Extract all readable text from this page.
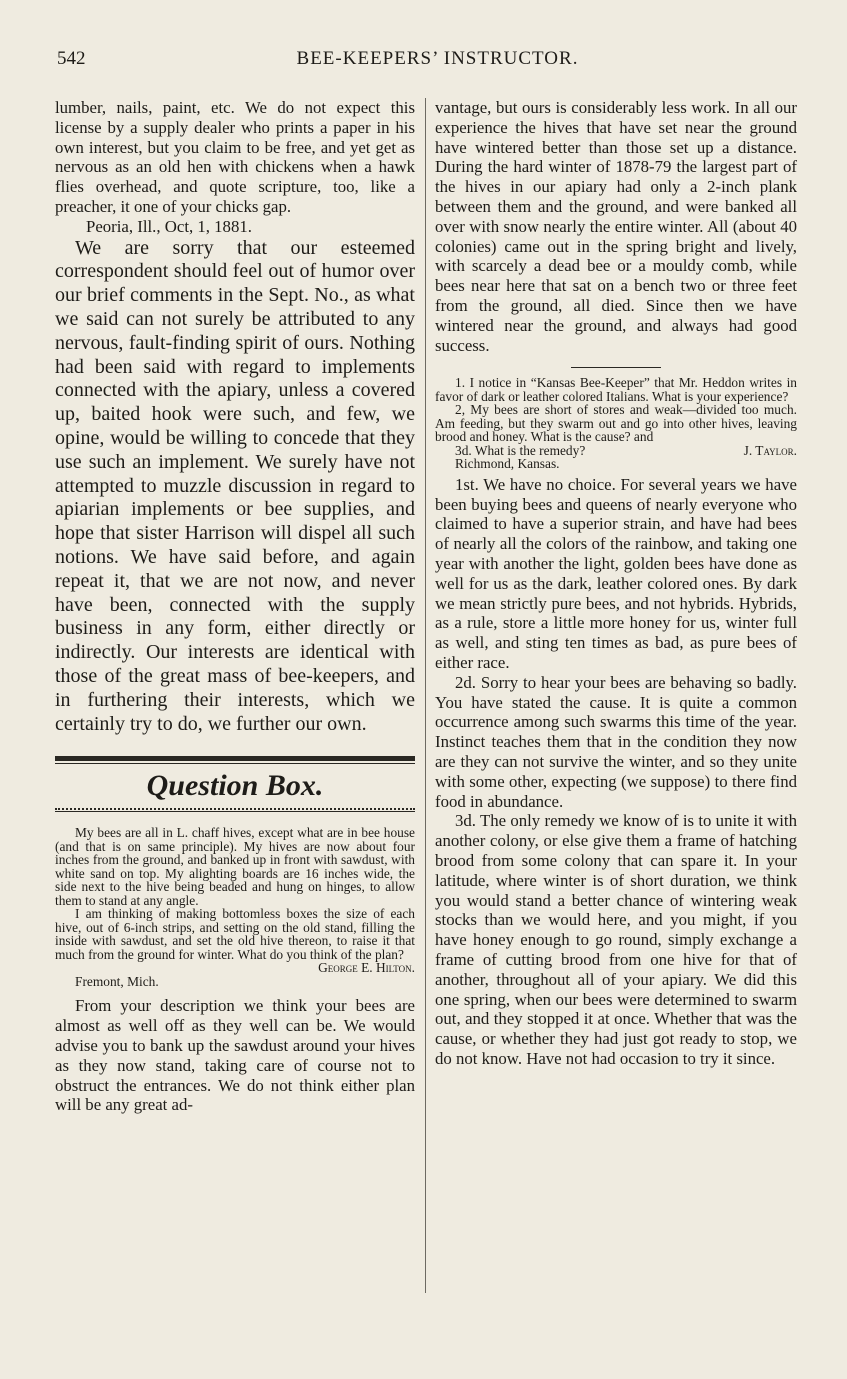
542	BEE-KEEPERS’ INSTRUCTOR.

lumber, nails, paint, etc. We do not expect this license by a supply dealer who prints a paper in his own interest, but you claim to be free, and yet get as nervous as an old hen with chickens when a hawk flies overhead, and quote scripture, too, like a preacher, it one of your chicks gap.

Peoria, Ill., Oct, 1, 1881.

We are sorry that our esteemed correspondent should feel out of humor over our brief comments in the Sept. No., as what we said can not surely be attributed to any nervous, fault-finding spirit of ours. Nothing had been said with regard to implements connected with the apiary, unless a covered up, baited hook were such, and few, we opine, would be willing to concede that they use such an implement. We surely have not attempted to muzzle discussion in regard to apiarian implements or bee supplies, and hope that sister Harrison will dispel all such notions. We have said before, and again repeat it, that we are not now, and never have been, connected with the supply business in any form, either directly or indirectly. Our interests are identical with those of the great mass of bee-keepers, and in furthering their interests, which we certainly try to do, we further our own.

Question Box.

My bees are all in L. chaff hives, except what are in bee house (and that is on same principle). My hives are now about four inches from the ground, and banked up in front with sawdust, with white sand on top. My alighting boards are 16 inches wide, the side next to the hive being beaded and hung on hinges, to allow them to stand at any angle.

I am thinking of making bottomless boxes the size of each hive, out of 6-inch strips, and setting on the old stand, filling the inside with sawdust, and set the old hive thereon, to raise it that much from the ground for winter. What do you think of the plan?
George E. Hilton.

Fremont, Mich.

From your description we think your bees are almost as well off as they well can be. We would advise you to bank up the sawdust around your hives as they now stand, taking care of course not to obstruct the entrances. We do not think either plan will be any great ad-

vantage, but ours is considerably less work. In all our experience the hives that have set near the ground have wintered better than those set up a distance. During the hard winter of 1878-79 the largest part of the hives in our apiary had only a 2-inch plank between them and the ground, and were banked all over with snow nearly the entire winter. All (about 40 colonies) came out in the spring bright and lively, with scarcely a dead bee or a mouldy comb, while bees near here that sat on a bench two or three feet from the ground, all died. Since then we have wintered near the ground, and always had good success.

1. I notice in “Kansas Bee-Keeper” that Mr. Heddon writes in favor of dark or leather colored Italians. What is your experience?

2, My bees are short of stores and weak—divided too much. Am feeding, but they swarm out and go into other hives, leaving brood and honey. What is the cause? and

3d. What is the remedy?	J. Taylor.

Richmond, Kansas.

1st. We have no choice. For several years we have been buying bees and queens of nearly everyone who claimed to have a superior strain, and have had bees of nearly all the colors of the rainbow, and taking one year with another the light, golden bees have done as well for us as the dark, leather colored ones. By dark we mean strictly pure bees, and not hybrids. Hybrids, as a rule, store a little more honey for us, winter full as well, and sting ten times as bad, as pure bees of either race.

2d. Sorry to hear your bees are behaving so badly. You have stated the cause. It is quite a common occurrence among such swarms this time of the year. Instinct teaches them that in the condition they now are they can not survive the winter, and so they unite with some other, expecting (we suppose) to there find food in abundance.

3d. The only remedy we know of is to unite it with another colony, or else give them a frame of hatching brood from some colony that can spare it. In your latitude, where winter is of short duration, we think you would stand a better chance of wintering weak stocks than we would here, and you might, if you have honey enough to go round, simply exchange a frame of cutting brood from one hive for that of another, throughout all of your apiary. We did this one spring, when our bees were determined to swarm out, and they stopped it at once. Whether that was the cause, or whether they had just got ready to stop, we do not know. Have not had occasion to try it since.
